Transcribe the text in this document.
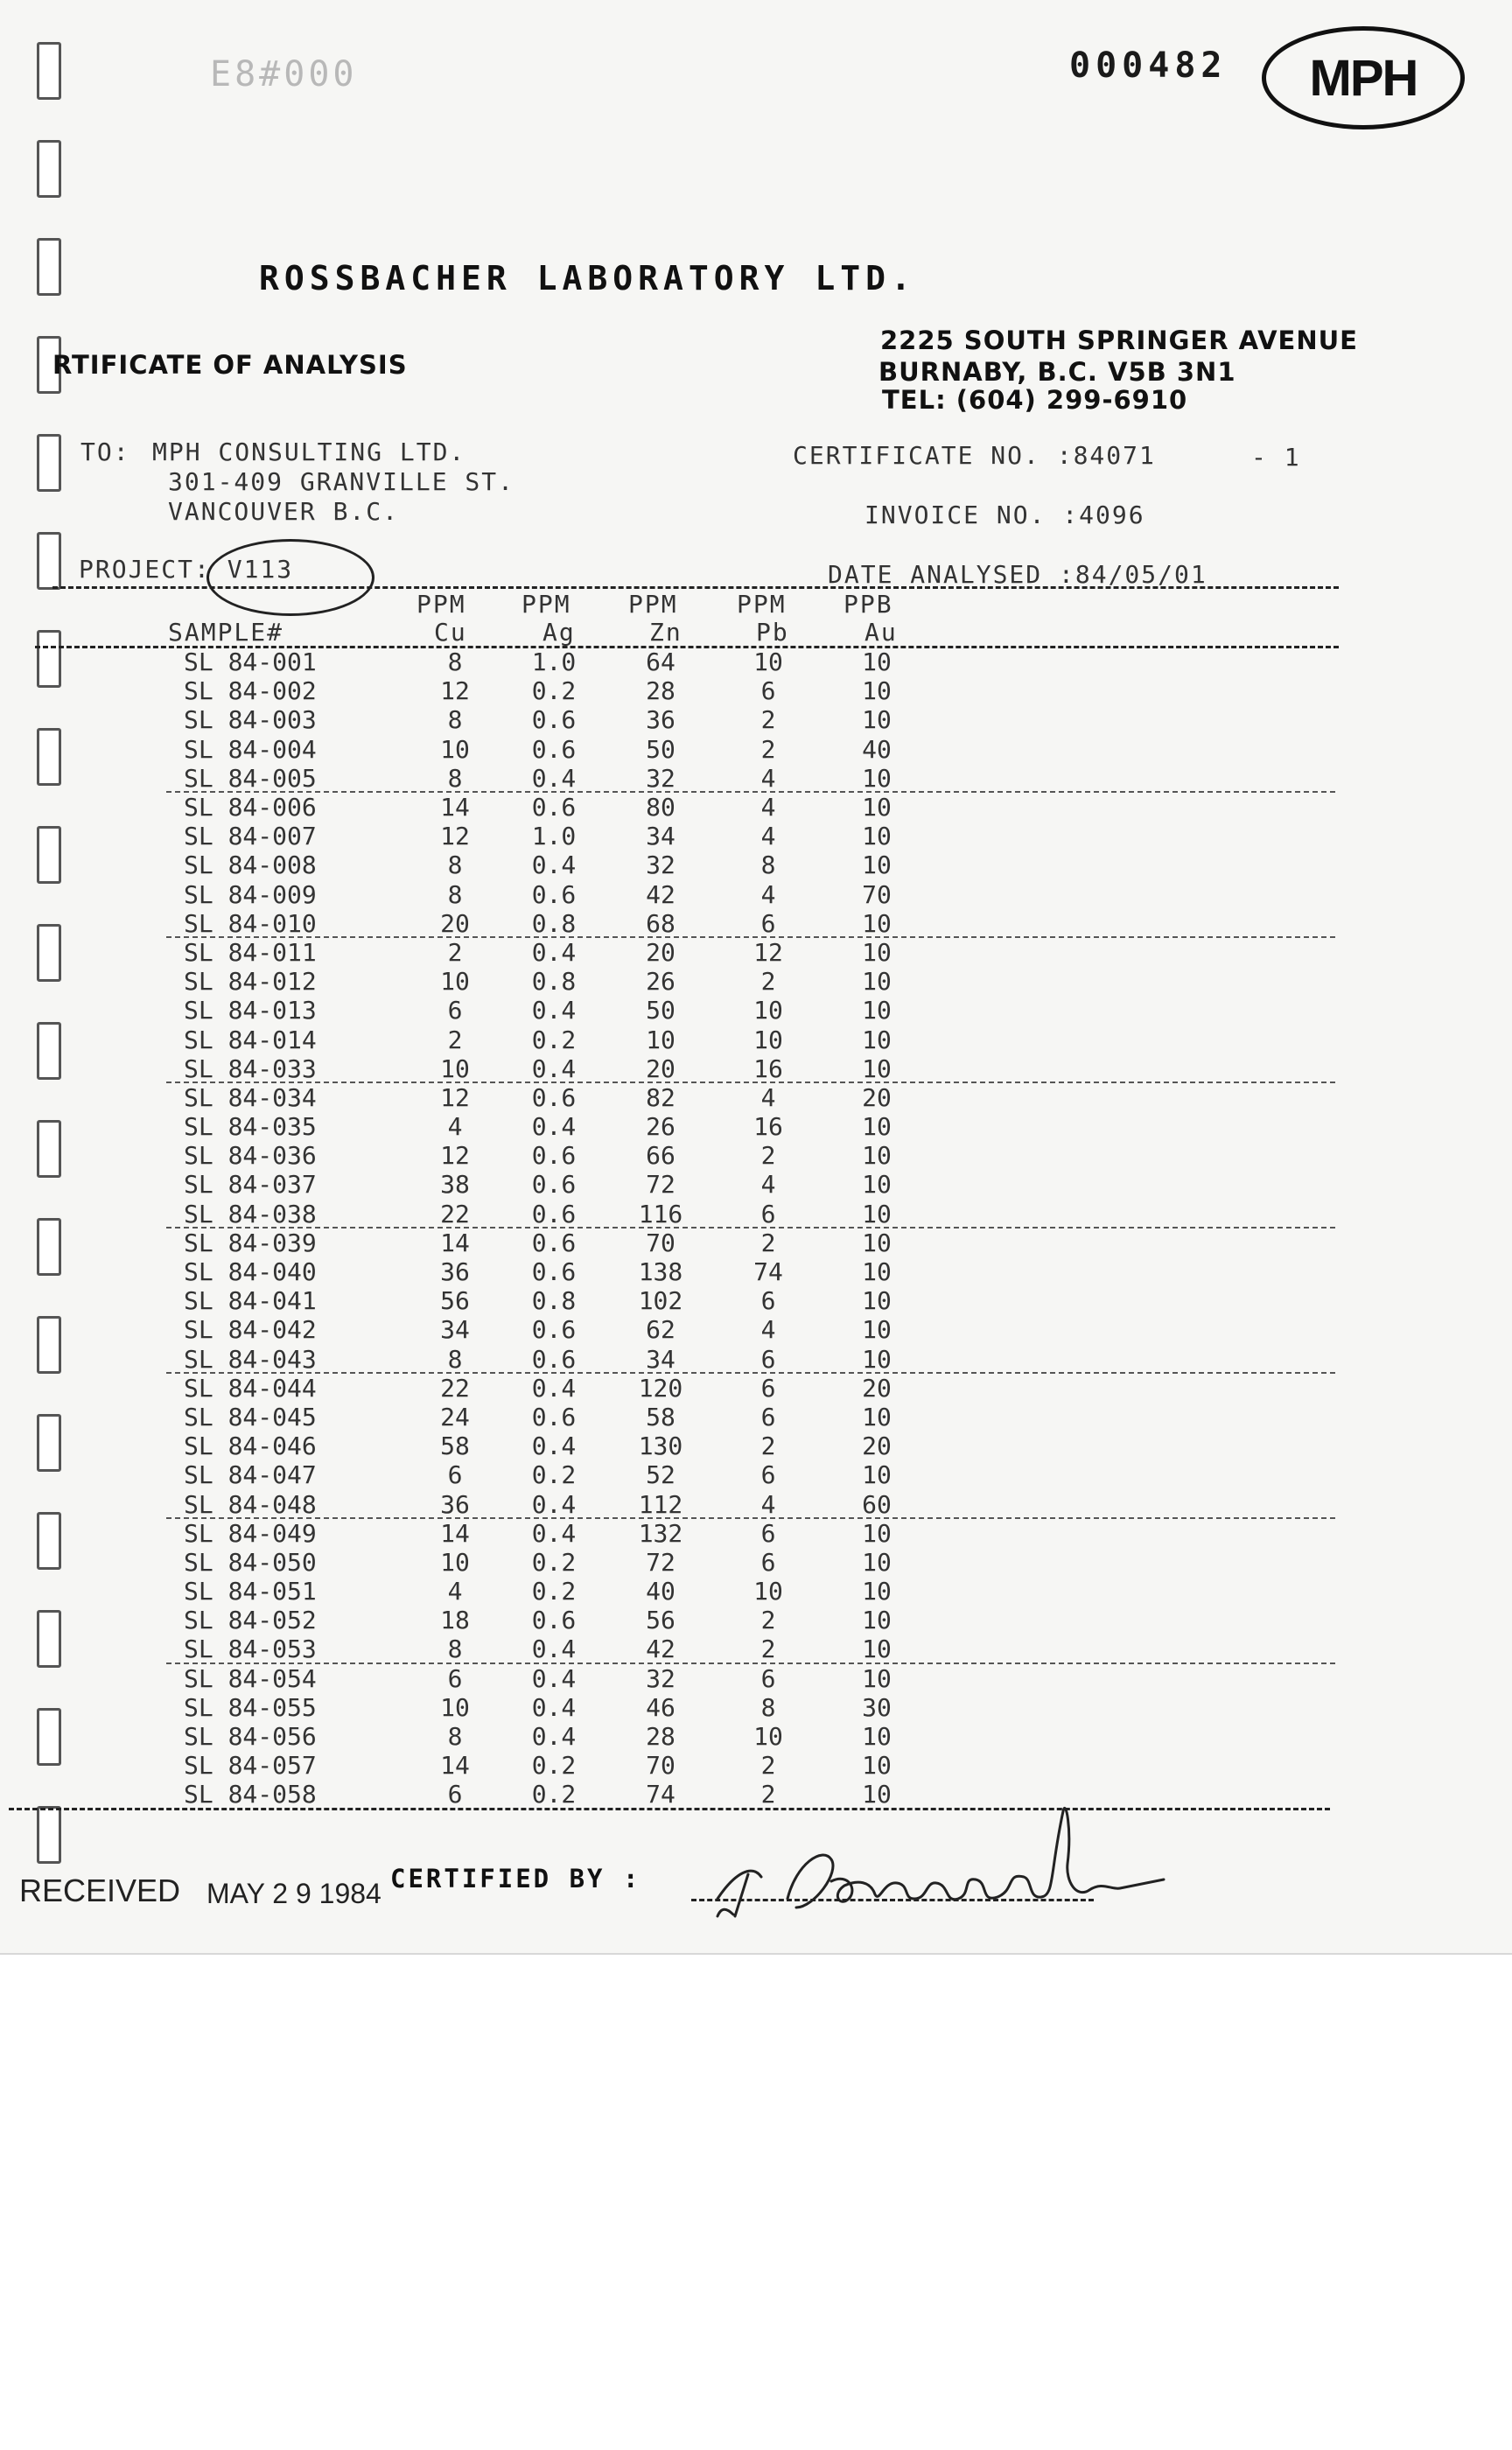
E8#000	000482 MPH
ROSSBACHER LABORATORY LTD.
RTIFICATE OF ANALYSIS
2225 SOUTH SPRINGER AVENUE
BURNABY, B.C. V5B 3N1
TEL: (604) 299-6910
TO: MPH CONSULTING LTD.
301-409 GRANVILLE ST.
VANCOUVER B.C.
CERTIFICATE NO. :84071	- 1
INVOICE NO. :4096
PROJECT: V113	DATE ANALYSED :84/05/01
PPM PPM PPM PPM PPB
SAMPLE#	Cu	Ag	Zn	Pb	Au
SL 84-001	8	1.0	64	10	10
SL 84-002	12	0.2	28	6	10
SL 84-003	8	0.6	36	2	10
SL 84-004	10	0.6	50	2	40
SL 84-005	8	0.4	32	4	10
SL 84-006	14	0.6	80	4	10
SL 84-007	12	1.0	34	4	10
SL 84-008	8	0.4	32	8	10
SL 84-009	8	0.6	42	4	70
SL 84-010	20	0.8	68	6	10
SL 84-011	2	0.4	20	12	10
SL 84-012	10	0.8	26	2	10
SL 84-013	6	0.4	50	10	10
SL 84-014	2	0.2	10	10	10
SL 84-033	10	0.4	20	16	10
SL 84-034	12	0.6	82	4	20
SL 84-035	4	0.4	26	16	10
SL 84-036	12	0.6	66	2	10
SL 84-037	38	0.6	72	4	10
SL 84-038	22	0.6	116	6	10
SL 84-039	14	0.6	70	2	10
SL 84-040	36	0.6	138	74	10
SL 84-041	56	0.8	102	6	10
SL 84-042	34	0.6	62	4	10
SL 84-043	8	0.6	34	6	10
SL 84-044	22	0.4	120	6	20
SL 84-045	24	0.6	58	6	10
SL 84-046	58	0.4	130	2	20
SL 84-047	6	0.2	52	6	10
SL 84-048	36	0.4	112	4	60
SL 84-049	14	0.4	132	6	10
SL 84-050	10	0.2	72	6	10
SL 84-051	4	0.2	40	10	10
SL 84-052	18	0.6	56	2	10
SL 84-053	8	0.4	42	2	10
SL 84-054	6	0.4	32	6	10
SL 84-055	10	0.4	46	8	30
SL 84-056	8	0.4	28	10	10
SL 84-057	14	0.2	70	2	10
SL 84-058	6	0.2	74	2	10
RECEIVED MAY 2 9 1984 CERTIFIED BY :
